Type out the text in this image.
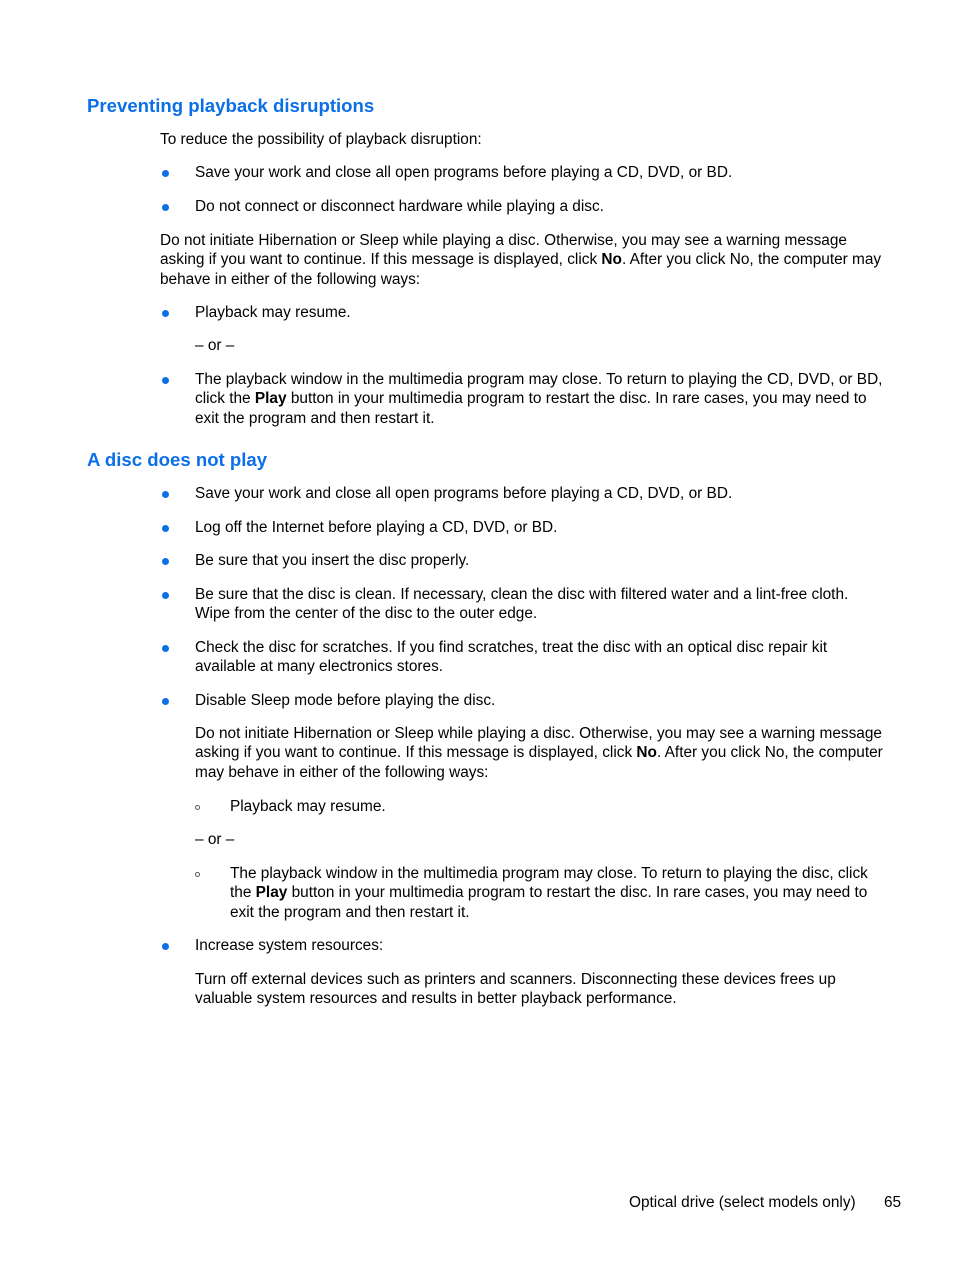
Preventing playback disruptions

To reduce the possibility of playback disruption:

Save your work and close all open programs before playing a CD, DVD, or BD.
Do not connect or disconnect hardware while playing a disc.

Do not initiate Hibernation or Sleep while playing a disc. Otherwise, you may see a warning message asking if you want to continue. If this message is displayed, click No. After you click No, the computer may behave in either of the following ways:

Playback may resume.

– or –

The playback window in the multimedia program may close. To return to playing the CD, DVD, or BD, click the Play button in your multimedia program to restart the disc. In rare cases, you may need to exit the program and then restart it.
A disc does not play
Save your work and close all open programs before playing a CD, DVD, or BD.
Log off the Internet before playing a CD, DVD, or BD.
Be sure that you insert the disc properly.
Be sure that the disc is clean. If necessary, clean the disc with filtered water and a lint-free cloth. Wipe from the center of the disc to the outer edge.
Check the disc for scratches. If you find scratches, treat the disc with an optical disc repair kit available at many electronics stores.
Disable Sleep mode before playing the disc.

Do not initiate Hibernation or Sleep while playing a disc. Otherwise, you may see a warning message asking if you want to continue. If this message is displayed, click No. After you click No, the computer may behave in either of the following ways:

Playback may resume.

– or –

The playback window in the multimedia program may close. To return to playing the disc, click the Play button in your multimedia program to restart the disc. In rare cases, you may need to exit the program and then restart it.
Increase system resources:

Turn off external devices such as printers and scanners. Disconnecting these devices frees up valuable system resources and results in better playback performance.

Optical drive (select models only) 65
